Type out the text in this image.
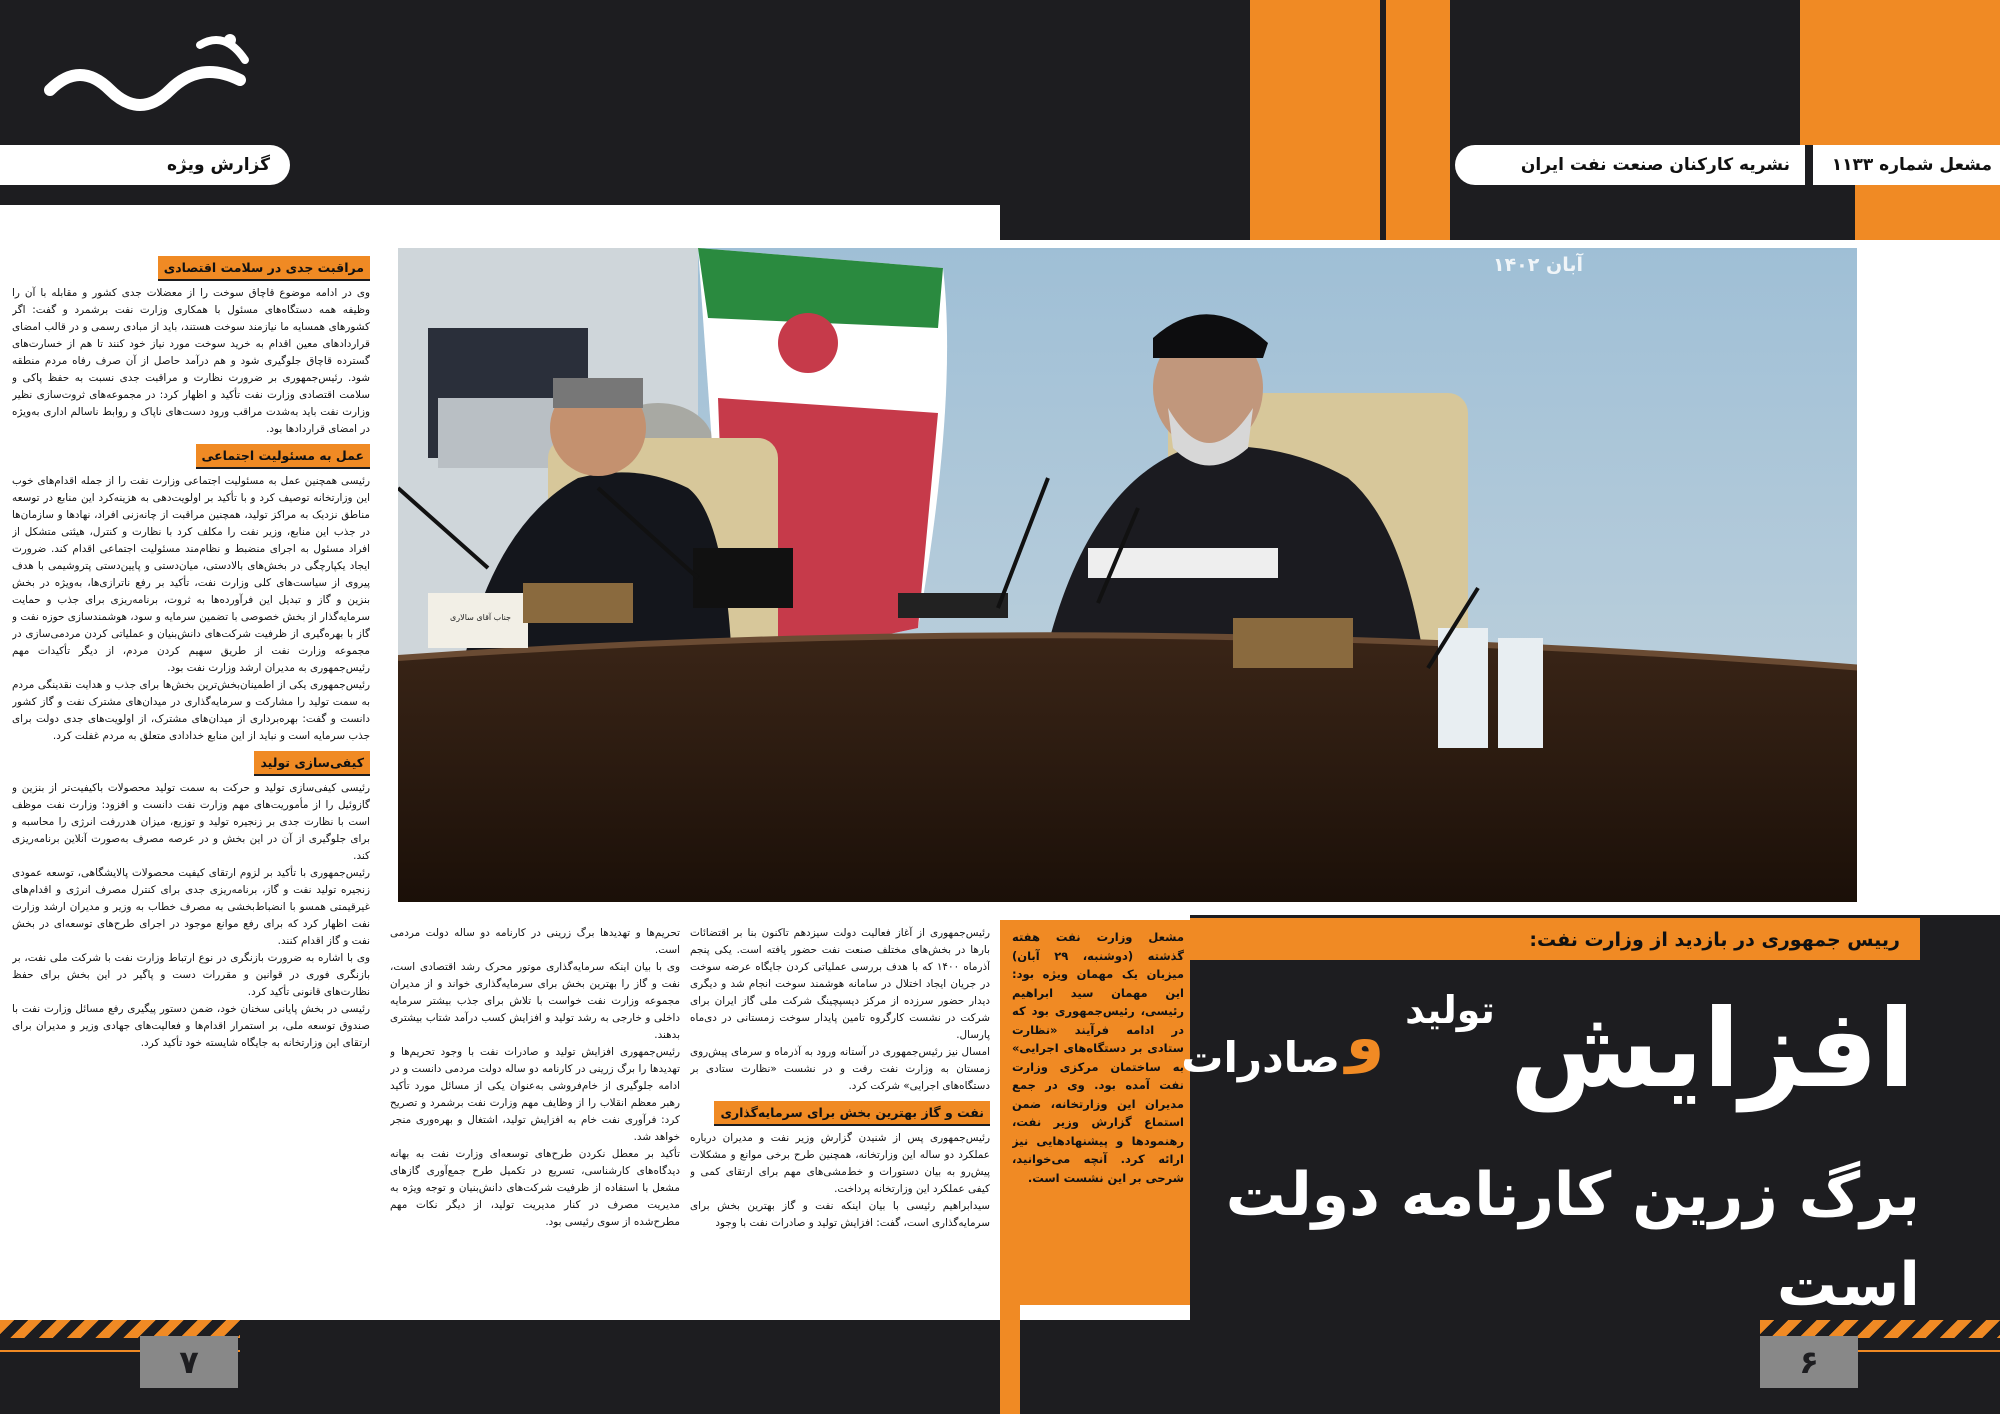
گزارش ویژه	نشریه کارکنان صنعت نفت ایران	مشعل شماره ۱۱۳۳
رییس جمهوری در بازدید از وزارت نفت:
مشعل وزارت نفت هفته گذشته (دوشنبه، ۲۹ آبان) میزبان یک مهمان ویژه بود: این مهمان سید ابراهیم رئیسی، رئیس‌جمهوری بود که در ادامه فرآیند «نظارت ستادی بر دستگاه‌های اجرایی» به ساختمان مرکزی وزارت نفت آمده بود. وی در جمع مدیران این وزارتخانه، ضمن استماع گزارش وزیر نفت، رهنمودها و پیشنهادهایی نیز ارائه کرد. آنچه می‌خوانید، شرحی بر این نشست است.
آبان ۱۴۰۲
جناب آقای سالاری
افزایش
تولید
و
صادرات
برگ زرین کارنامه دولت است

رئیس‌جمهوری از آغاز فعالیت دولت سیزدهم تاکنون بنا بر اقتضائات بارها در بخش‌های مختلف صنعت نفت حضور یافته است. یکی پنجم آذرماه ۱۴۰۰ که با هدف بررسی عملیاتی کردن جایگاه عرضه سوخت در جریان ایجاد اختلال در سامانه هوشمند سوخت انجام شد و دیگری دیدار حضور سرزده از مرکز دیسپچینگ شرکت ملی گاز ایران برای شرکت در نشست کارگروه تامین پایدار سوخت زمستانی در دی‌ماه پارسال.

امسال نیز رئیس‌جمهوری در آستانه ورود به آذرماه و سرمای پیش‌روی زمستان به وزارت نفت رفت و در نشست «نظارت ستادی بر دستگاه‌های اجرایی» شرکت کرد.

نفت و گاز بهترین بخش برای سرمایه‌گذاری

رئیس‌جمهوری پس از شنیدن گزارش وزیر نفت و مدیران درباره عملکرد دو ساله این وزارتخانه، همچنین طرح برخی موانع و مشکلات پیش‌رو به بیان دستورات و خط‌مشی‌های مهم برای ارتقای کمی و کیفی عملکرد این وزارتخانه پرداخت.

سیدابراهیم رئیسی با بیان اینکه نفت و گاز بهترین بخش برای سرمایه‌گذاری است، گفت: افزایش تولید و صادرات نفت با وجود

تحریم‌ها و تهدیدها برگ زرینی در کارنامه دو ساله دولت مردمی است.

وی با بیان اینکه سرمایه‌گذاری موتور محرک رشد اقتصادی است، نفت و گاز را بهترین بخش برای سرمایه‌گذاری خواند و از مدیران مجموعه وزارت نفت خواست با تلاش برای جذب بیشتر سرمایه داخلی و خارجی به رشد تولید و افزایش کسب درآمد شتاب بیشتری بدهند.

رئیس‌جمهوری افزایش تولید و صادرات نفت با وجود تحریم‌ها و تهدیدها را برگ زرینی در کارنامه دو ساله دولت مردمی دانست و در ادامه جلوگیری از خام‌فروشی به‌عنوان یکی از مسائل مورد تأکید رهبر معظم انقلاب را از وظایف مهم وزارت نفت برشمرد و تصریح کرد: فرآوری نفت خام به افزایش تولید، اشتغال و بهره‌وری منجر خواهد شد.

تأکید بر معطل نکردن طرح‌های توسعه‌ای وزارت نفت به بهانه دیدگاه‌های کارشناسی، تسریع در تکمیل طرح جمع‌آوری گازهای مشعل با استفاده از ظرفیت شرکت‌های دانش‌بنیان و توجه ویژه به مدیریت مصرف در کنار مدیریت تولید، از دیگر نکات مهم مطرح‌شده از سوی رئیسی بود.

مراقبت جدی در سلامت اقتصادی

وی در ادامه موضوع قاچاق سوخت را از معضلات جدی کشور و مقابله با آن را وظیفه همه دستگاه‌های مسئول با همکاری وزارت نفت برشمرد و گفت: اگر کشورهای همسایه ما نیازمند سوخت هستند، باید از مبادی رسمی و در قالب امضای قراردادهای معین اقدام به خرید سوخت مورد نیاز خود کنند تا هم از خسارت‌های گسترده قاچاق جلوگیری شود و هم درآمد حاصل از آن صرف رفاه مردم منطقه شود. رئیس‌جمهوری بر ضرورت نظارت و مراقبت جدی نسبت به حفظ پاکی و سلامت اقتصادی وزارت نفت تأکید و اظهار کرد: در مجموعه‌های ثروت‌سازی نظیر وزارت نفت باید به‌شدت مراقب ورود دست‌های ناپاک و روابط ناسالم اداری به‌ویژه در امضای قراردادها بود.

عمل به مسئولیت اجتماعی

رئیسی همچنین عمل به مسئولیت اجتماعی وزارت نفت را از جمله اقدام‌های خوب این وزارتخانه توصیف کرد و با تأکید بر اولویت‌دهی به هزینه‌کرد این منابع در توسعه مناطق نزدیک به مراکز تولید، همچنین مراقبت از چانه‌زنی افراد، نهادها و سازمان‌ها در جذب این منابع، وزیر نفت را مکلف کرد با نظارت و کنترل، هیئتی متشکل از افراد مسئول به اجرای منضبط و نظام‌مند مسئولیت اجتماعی اقدام کند. ضرورت ایجاد یکپارچگی در بخش‌های بالادستی، میان‌دستی و پایین‌دستی پتروشیمی با هدف پیروی از سیاست‌های کلی وزارت نفت، تأکید بر رفع ناترازی‌ها، به‌ویژه در بخش بنزین و گاز و تبدیل این فرآورده‌ها به ثروت، برنامه‌ریزی برای جذب و حمایت سرمایه‌گذار از بخش خصوصی با تضمین سرمایه و سود، هوشمندسازی حوزه نفت و گاز با بهره‌گیری از ظرفیت شرکت‌های دانش‌بنیان و عملیاتی کردن مردمی‌سازی در مجموعه وزارت نفت از طریق سهیم کردن مردم، از دیگر تأکیدات مهم رئیس‌جمهوری به مدیران ارشد وزارت نفت بود.

رئیس‌جمهوری یکی از اطمینان‌بخش‌ترین بخش‌ها برای جذب و هدایت نقدینگی مردم به سمت تولید را مشارکت و سرمایه‌گذاری در میدان‌های مشترک نفت و گاز کشور دانست و گفت: بهره‌برداری از میدان‌های مشترک، از اولویت‌های جدی دولت برای جذب سرمایه است و نباید از این منابع خدادادی متعلق به مردم غفلت کرد.

کیفی‌سازی تولید

رئیسی کیفی‌سازی تولید و حرکت به سمت تولید محصولات باکیفیت‌تر از بنزین و گازوئیل را از مأموریت‌های مهم وزارت نفت دانست و افزود: وزارت نفت موظف است با نظارت جدی بر زنجیره تولید و توزیع، میزان هدررفت انرژی را محاسبه و برای جلوگیری از آن در این بخش و در عرصه مصرف به‌صورت آنلاین برنامه‌ریزی کند.

رئیس‌جمهوری با تأکید بر لزوم ارتقای کیفیت محصولات پالایشگاهی، توسعه عمودی زنجیره تولید نفت و گاز، برنامه‌ریزی جدی برای کنترل مصرف انرژی و اقدام‌های غیرقیمتی همسو با انضباط‌بخشی به مصرف خطاب به وزیر و مدیران ارشد وزارت نفت اظهار کرد که برای رفع موانع موجود در اجرای طرح‌های توسعه‌ای در بخش نفت و گاز اقدام کنند.

وی با اشاره به ضرورت بازنگری در نوع ارتباط وزارت نفت با شرکت ملی نفت، بر بازنگری فوری در قوانین و مقررات دست و پاگیر در این بخش برای حفظ نظارت‌های قانونی تأکید کرد.

رئیسی در بخش پایانی سخنان خود، ضمن دستور پیگیری رفع مسائل وزارت نفت با صندوق توسعه ملی، بر استمرار اقدام‌ها و فعالیت‌های جهادی وزیر و مدیران برای ارتقای این وزارتخانه به جایگاه شایسته خود تأکید کرد.

۷	۶
